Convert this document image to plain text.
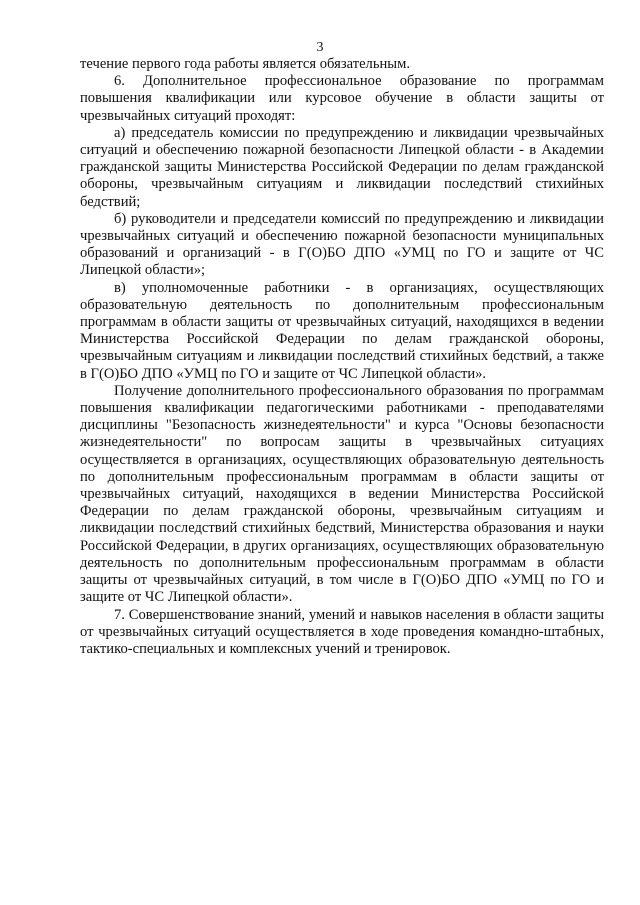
3

течение первого года работы является обязательным.

6. Дополнительное профессиональное образование по программам повышения квалификации или курсовое обучение в области защиты от чрезвычайных ситуаций проходят:

а) председатель комиссии по предупреждению и ликвидации чрезвычайных ситуаций и обеспечению пожарной безопасности Липецкой области - в Академии гражданской защиты Министерства Российской Федерации по делам гражданской обороны, чрезвычайным ситуациям и ликвидации последствий стихийных бедствий;

б) руководители и председатели комиссий по предупреждению и ликвидации чрезвычайных ситуаций и обеспечению пожарной безопасности муниципальных образований и организаций - в Г(О)БО ДПО «УМЦ по ГО и защите от ЧС Липецкой области»;

в) уполномоченные работники - в организациях, осуществляющих образовательную деятельность по дополнительным профессиональным программам в области защиты от чрезвычайных ситуаций, находящихся в ведении Министерства Российской Федерации по делам гражданской обороны, чрезвычайным ситуациям и ликвидации последствий стихийных бедствий, а также в Г(О)БО ДПО «УМЦ по ГО и защите от ЧС Липецкой области».

Получение дополнительного профессионального образования по программам повышения квалификации педагогическими работниками - преподавателями дисциплины "Безопасность жизнедеятельности" и курса "Основы безопасности жизнедеятельности" по вопросам защиты в чрезвычайных ситуациях осуществляется в организациях, осуществляющих образовательную деятельность по дополнительным профессиональным программам в области защиты от чрезвычайных ситуаций, находящихся в ведении Министерства Российской Федерации по делам гражданской обороны, чрезвычайным ситуациям и ликвидации последствий стихийных бедствий, Министерства образования и науки Российской Федерации, в других организациях, осуществляющих образовательную деятельность по дополнительным профессиональным программам в области защиты от чрезвычайных ситуаций, в том числе в Г(О)БО ДПО «УМЦ по ГО и защите от ЧС Липецкой области».

7. Совершенствование знаний, умений и навыков населения в области защиты от чрезвычайных ситуаций осуществляется в ходе проведения командно-штабных, тактико-специальных и комплексных учений и тренировок.
